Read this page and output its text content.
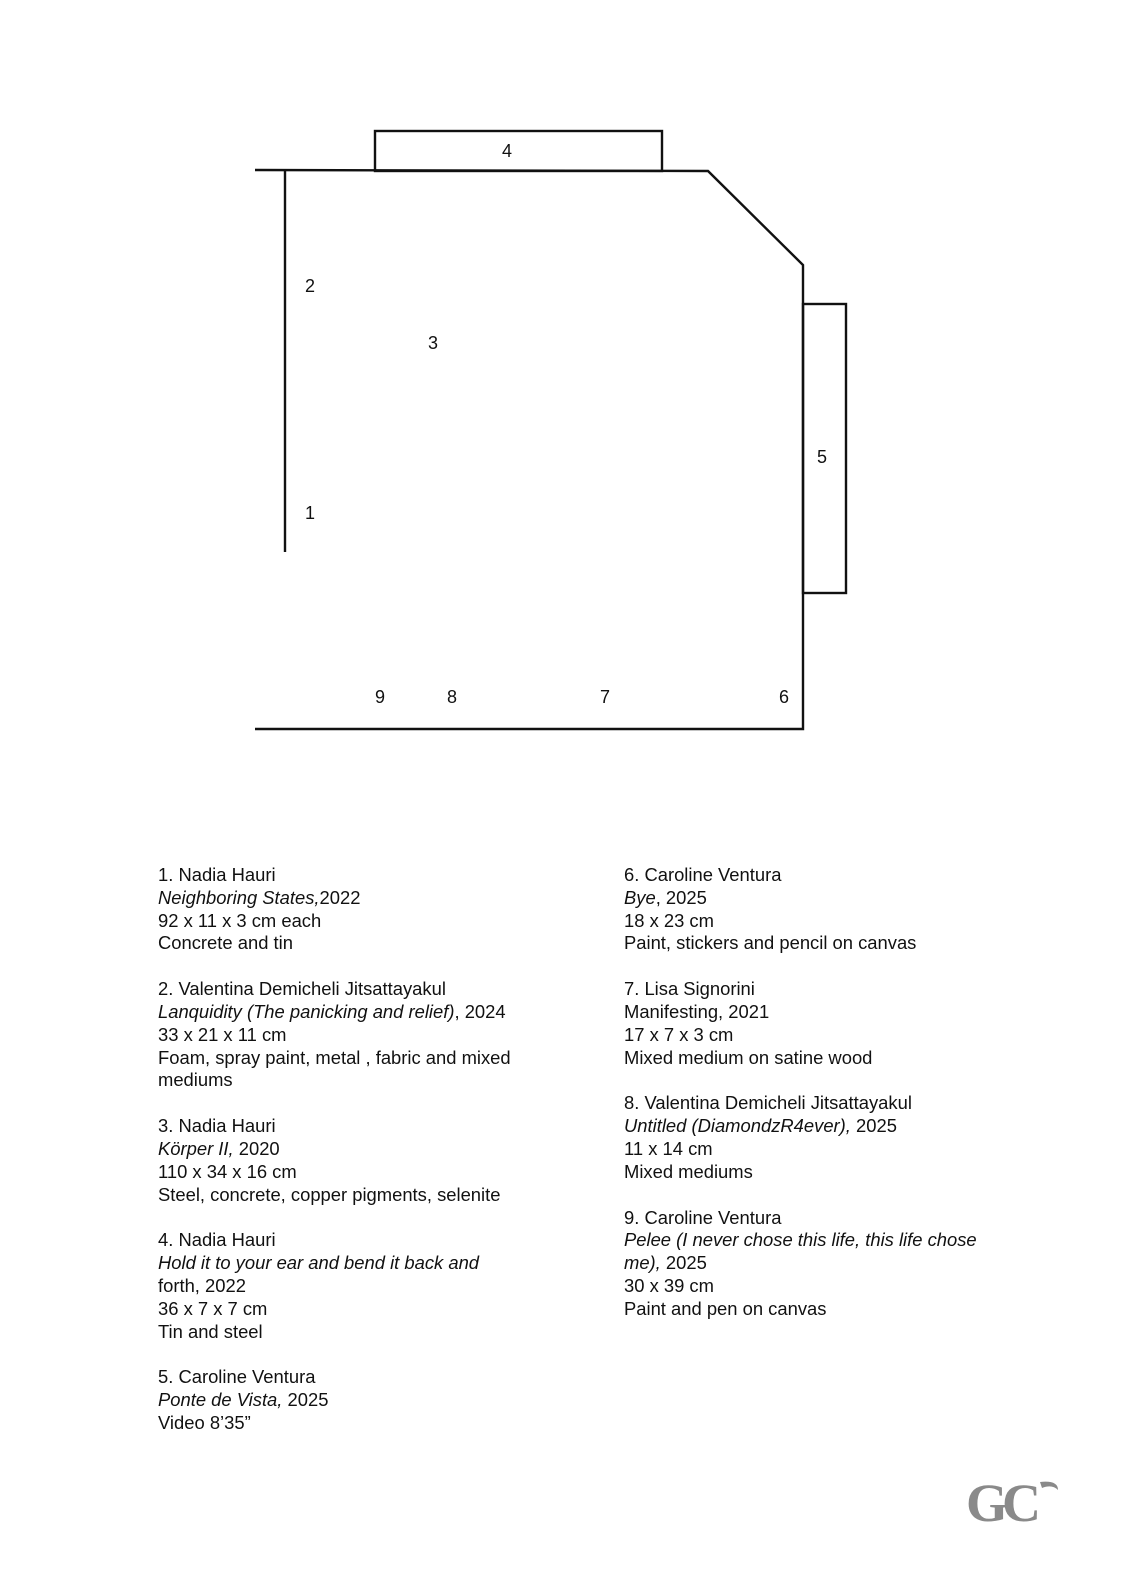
4
2
3
1
5
9	8	7	6
1. Nadia Hauri
Neighboring States,2022
92 x 11 x 3 cm each
Concrete and tin
2. Valentina Demicheli Jitsattayakul
Lanquidity (The panicking and relief), 2024
33 x 21 x 11 cm
Foam, spray paint, metal , fabric and mixed mediums
3. Nadia Hauri
Körper II, 2020
110 x 34 x 16 cm
Steel, concrete, copper pigments, selenite
4. Nadia Hauri
Hold it to your ear and bend it back and
forth, 2022
36 x 7 x 7 cm
Tin and steel
5. Caroline Ventura
Ponte de Vista, 2025
Video 8’35”
6. Caroline Ventura
Bye, 2025
18 x 23 cm
Paint, stickers and pencil on canvas
7. Lisa Signorini
Manifesting, 2021
17 x 7 x 3 cm
Mixed medium on satine wood
8. Valentina Demicheli Jitsattayakul
Untitled (DiamondzR4ever), 2025
11 x 14 cm
Mixed mediums
9. Caroline Ventura
Pelee (I never chose this life, this life chose me), 2025
30 x 39 cm
Paint and pen on canvas
GC
